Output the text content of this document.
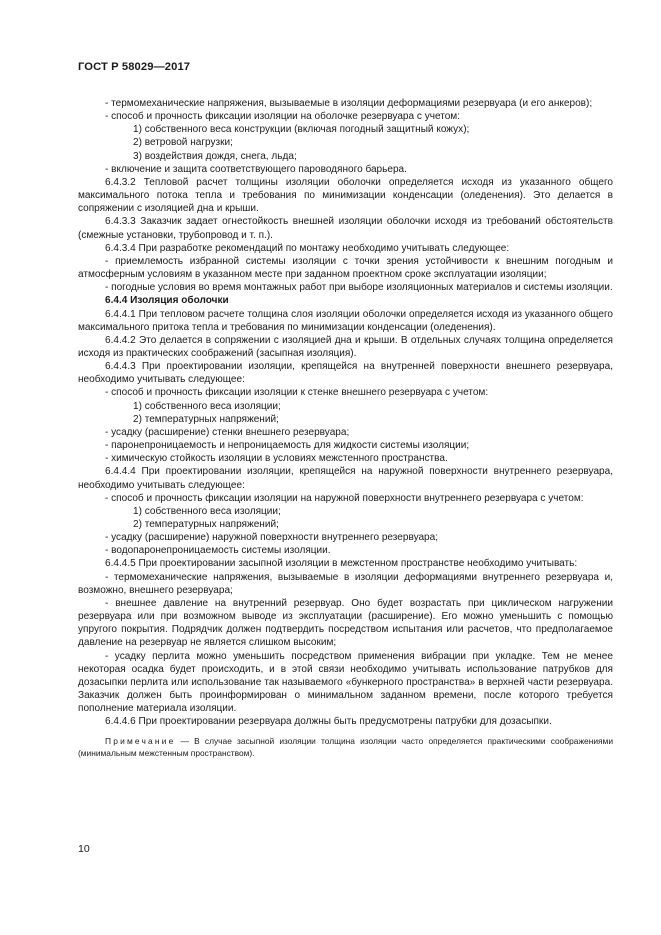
ГОСТ Р 58029—2017

- термомеханические напряжения, вызываемые в изоляции деформациями резервуара (и его анкеров);

- способ и прочность фиксации изоляции на оболочке резервуара с учетом:

1) собственного веса конструкции (включая погодный защитный кожух);

2) ветровой нагрузки;

3) воздействия дождя, снега, льда;

- включение и защита соответствующего пароводяного барьера.

6.4.3.2 Тепловой расчет толщины изоляции оболочки определяется исходя из указанного общего максимального потока тепла и требования по минимизации конденсации (оледенения). Это делается в сопряжении с изоляцией дна и крыши.

6.4.3.3 Заказчик задает огнестойкость внешней изоляции оболочки исходя из требований обстоятельств (смежные установки, трубопровод и т. п.).

6.4.3.4 При разработке рекомендаций по монтажу необходимо учитывать следующее:

- приемлемость избранной системы изоляции с точки зрения устойчивости к внешним погодным и атмосферным условиям в указанном месте при заданном проектном сроке эксплуатации изоляции;

- погодные условия во время монтажных работ при выборе изоляционных материалов и системы изоляции.

6.4.4 Изоляция оболочки

6.4.4.1 При тепловом расчете толщина слоя изоляции оболочки определяется исходя из указанного общего максимального притока тепла и требования по минимизации конденсации (оледенения).

6.4.4.2 Это делается в сопряжении с изоляцией дна и крыши. В отдельных случаях толщина определяется исходя из практических соображений (засыпная изоляция).

6.4.4.3 При проектировании изоляции, крепящейся на внутренней поверхности внешнего резервуара, необходимо учитывать следующее:

- способ и прочность фиксации изоляции к стенке внешнего резервуара с учетом:

1) собственного веса изоляции;

2) температурных напряжений;

- усадку (расширение) стенки внешнего резервуара;

- паронепроницаемость и непроницаемость для жидкости системы изоляции;

- химическую стойкость изоляции в условиях межстенного пространства.

6.4.4.4 При проектировании изоляции, крепящейся на наружной поверхности внутреннего резервуара, необходимо учитывать следующее:

- способ и прочность фиксации изоляции на наружной поверхности внутреннего резервуара с учетом:

1) собственного веса изоляции;

2) температурных напряжений;

- усадку (расширение) наружной поверхности внутреннего резервуара;

- водопаронепроницаемость системы изоляции.

6.4.4.5 При проектировании засыпной изоляции в межстенном пространстве необходимо учитывать:

- термомеханические напряжения, вызываемые в изоляции деформациями внутреннего резервуара и, возможно, внешнего резервуара;

- внешнее давление на внутренний резервуар. Оно будет возрастать при циклическом нагружении резервуара или при возможном выводе из эксплуатации (расширение). Его можно уменьшить с помощью упругого покрытия. Подрядчик должен подтвердить посредством испытания или расчетов, что предполагаемое давление на резервуар не является слишком высоким;

- усадку перлита можно уменьшить посредством применения вибрации при укладке. Тем не менее некоторая осадка будет происходить, и в этой связи необходимо учитывать использование патрубков для дозасыпки перлита или использование так называемого «бункерного пространства» в верхней части резервуара. Заказчик должен быть проинформирован о минимальном заданном времени, после которого требуется пополнение материала изоляции.

6.4.4.6 При проектировании резервуара должны быть предусмотрены патрубки для дозасыпки.

Примечание — В случае засыпной изоляции толщина изоляции часто определяется практическими соображениями (минимальным межстенным пространством).

10
